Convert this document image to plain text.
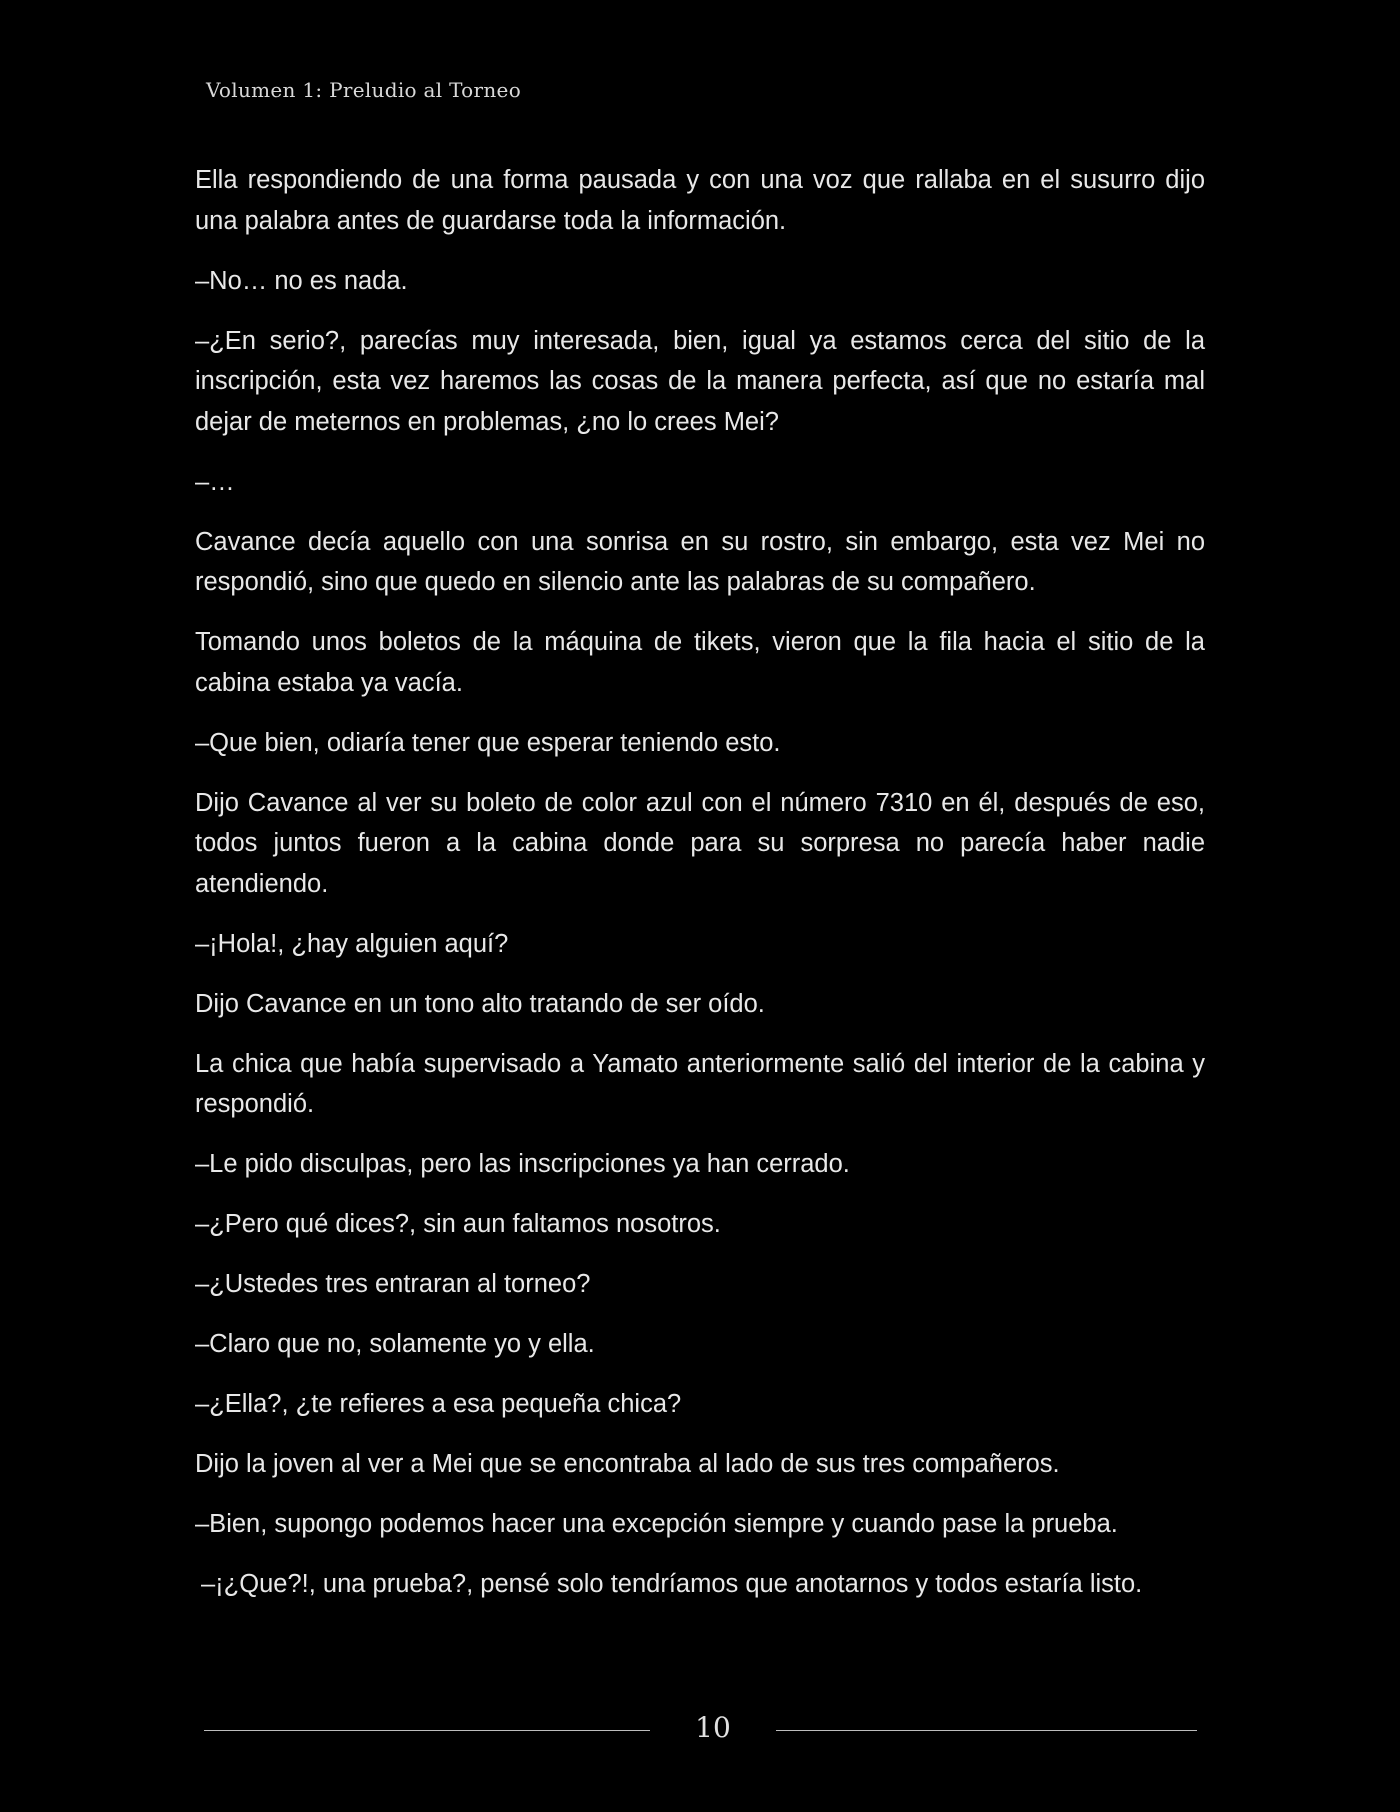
Volumen 1: Preludio al Torneo

Ella respondiendo de una forma pausada y con una voz que rallaba en el susurro dijo una palabra antes de guardarse toda la información.

–No… no es nada.

–¿En serio?, parecías muy interesada, bien, igual ya estamos cerca del sitio de la inscripción, esta vez haremos las cosas de la manera perfecta, así que no estaría mal dejar de meternos en problemas, ¿no lo crees Mei?

–…

Cavance decía aquello con una sonrisa en su rostro, sin embargo, esta vez Mei no respondió, sino que quedo en silencio ante las palabras de su compañero.

Tomando unos boletos de la máquina de tikets, vieron que la fila hacia el sitio de la cabina estaba ya vacía.

–Que bien, odiaría tener que esperar teniendo esto.

Dijo Cavance al ver su boleto de color azul con el número 7310 en él, después de eso, todos juntos fueron a la cabina donde para su sorpresa no parecía haber nadie atendiendo.

–¡Hola!, ¿hay alguien aquí?

Dijo Cavance en un tono alto tratando de ser oído.

La chica que había supervisado a Yamato anteriormente salió del interior de la cabina y respondió.

–Le pido disculpas, pero las inscripciones ya han cerrado.

–¿Pero qué dices?, sin aun faltamos nosotros.

–¿Ustedes tres entraran al torneo?

–Claro que no, solamente yo y ella.

–¿Ella?, ¿te refieres a esa pequeña chica?

Dijo la joven al ver a Mei que se encontraba al lado de sus tres compañeros.

–Bien, supongo podemos hacer una excepción siempre y cuando pase la prueba.

–¡¿Que?!, una prueba?, pensé solo tendríamos que anotarnos y todos estaría listo.

10
